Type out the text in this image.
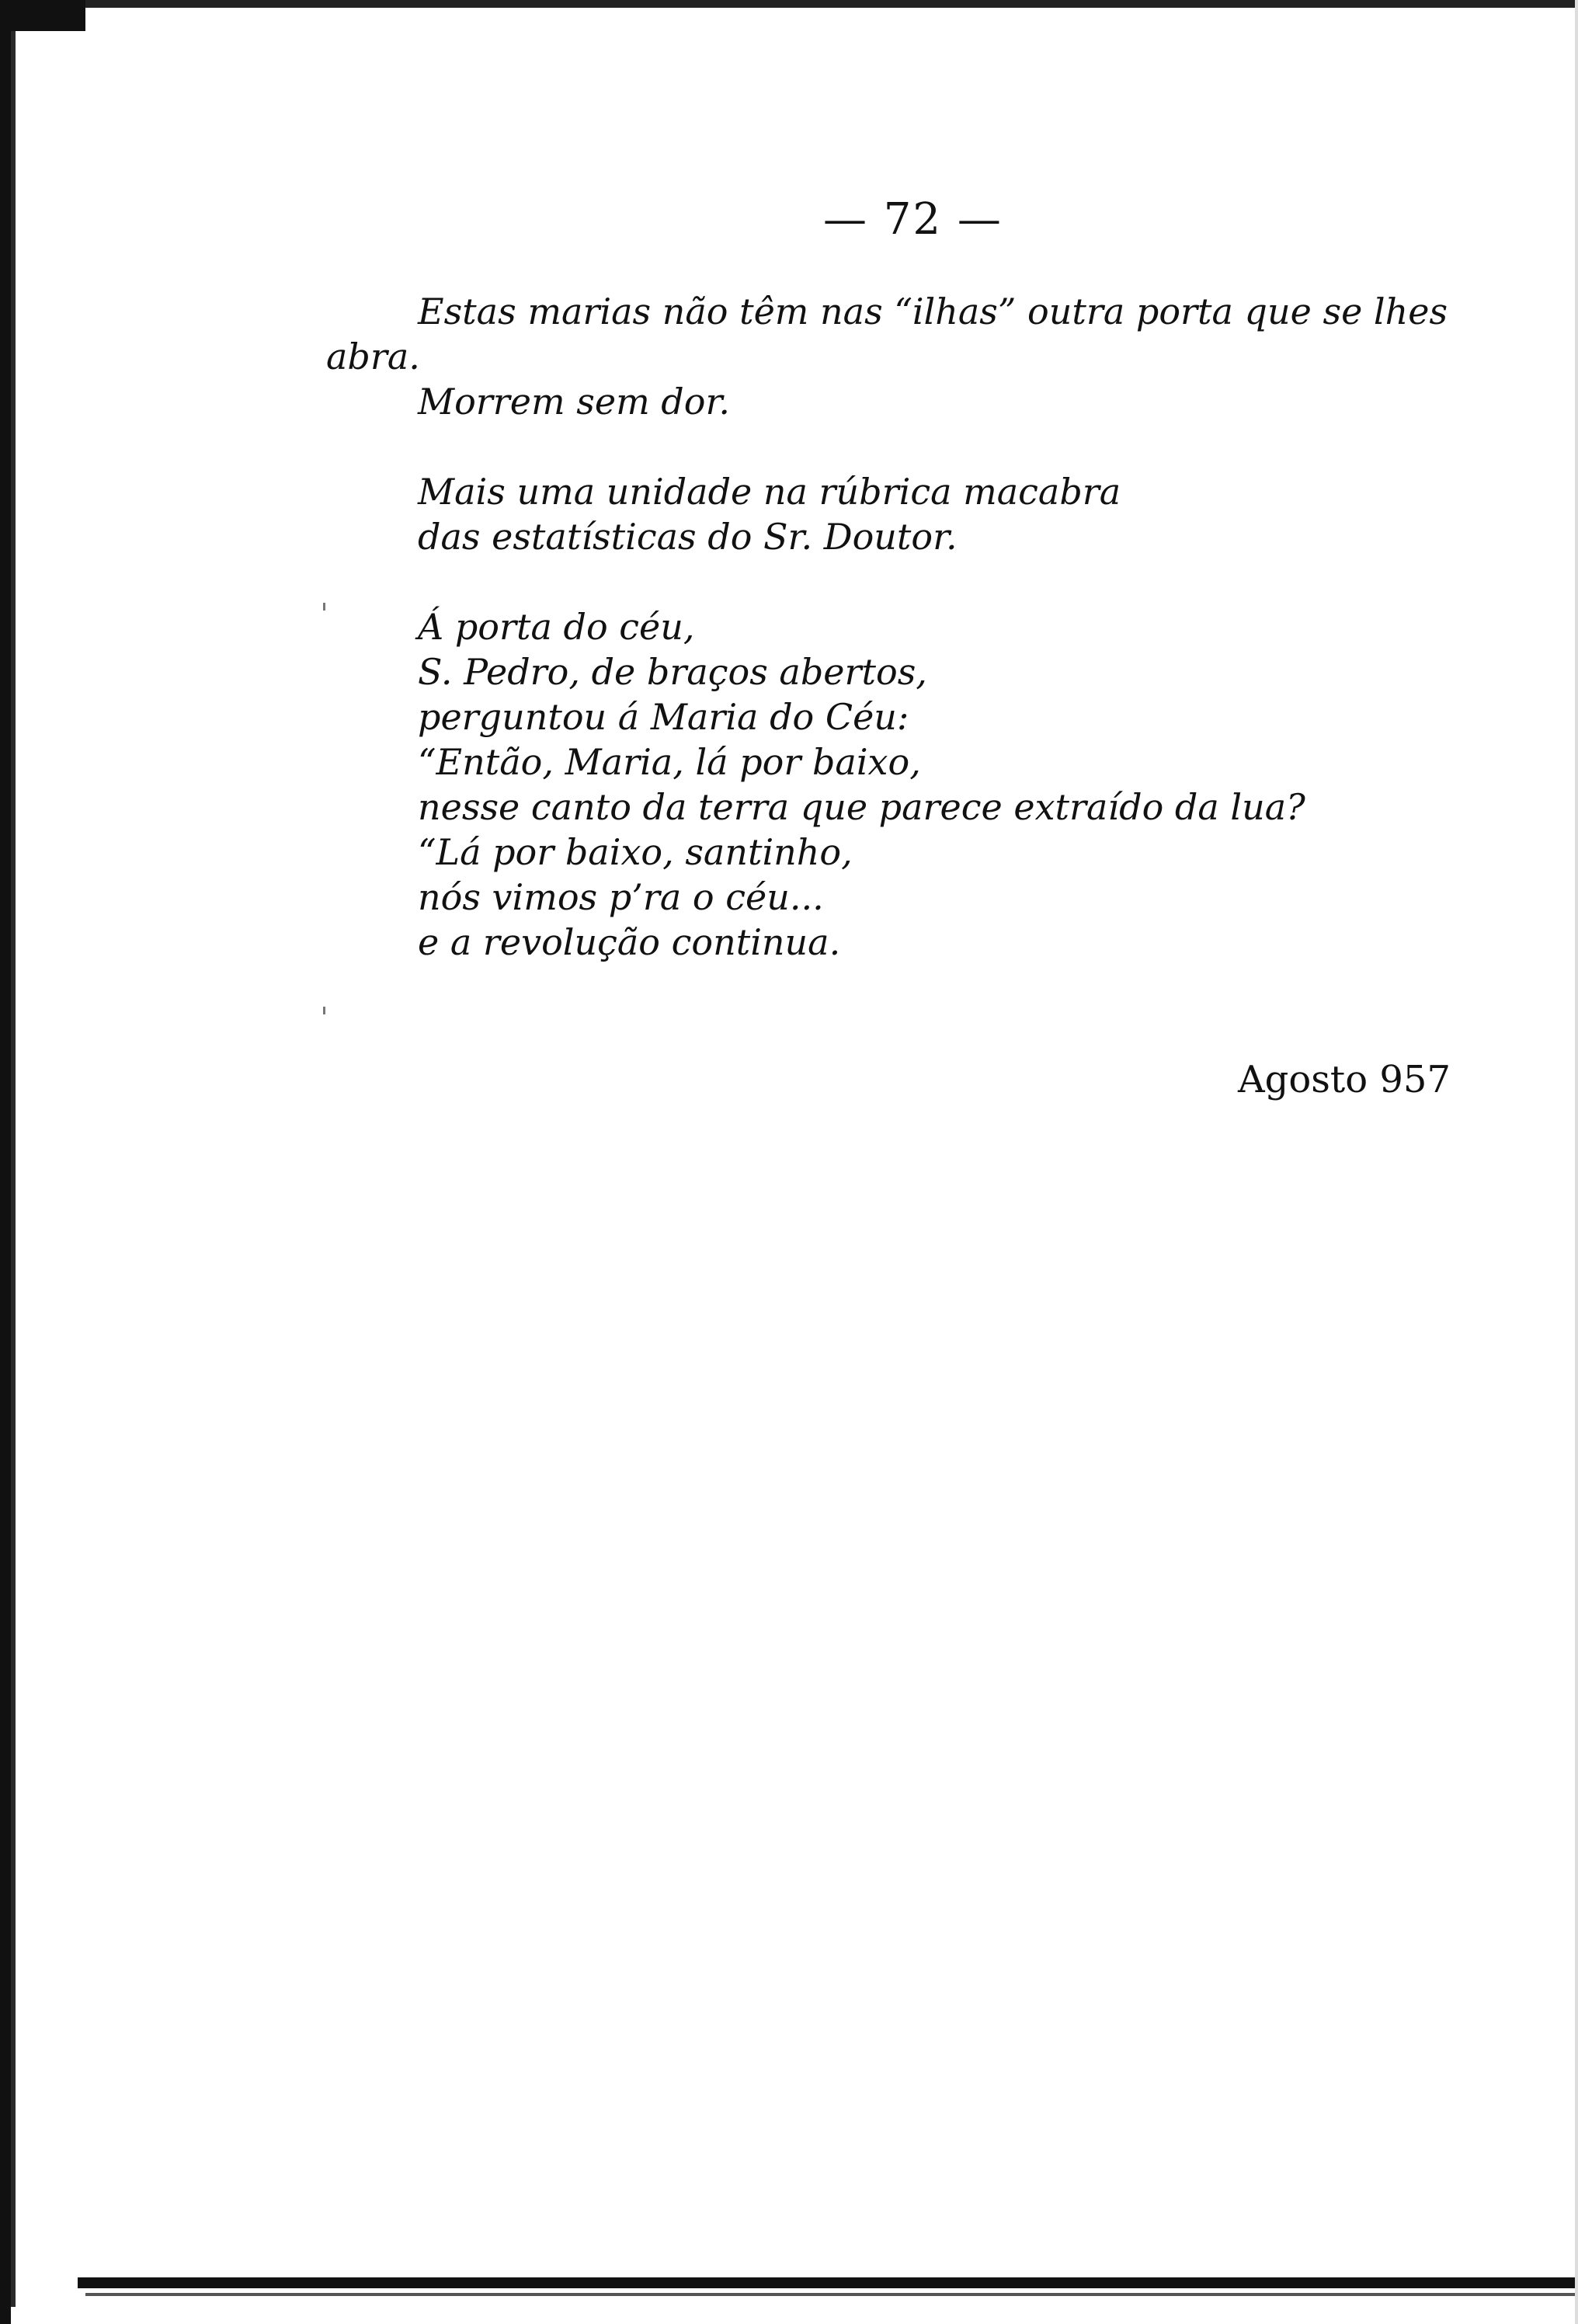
— 72 —
Estas marias não têm nas “ilhas” outra porta que se lhes
abra.
Morrem sem dor.
Mais uma unidade na rúbrica macabra
das estatísticas do Sr. Doutor.
Á porta do céu,
S. Pedro, de braços abertos,
perguntou á Maria do Céu:
“Então, Maria, lá por baixo,
nesse canto da terra que parece extraído da lua?
“Lá por baixo, santinho,
nós vimos p’ra o céu...
e a revolução continua.
Agosto 957
